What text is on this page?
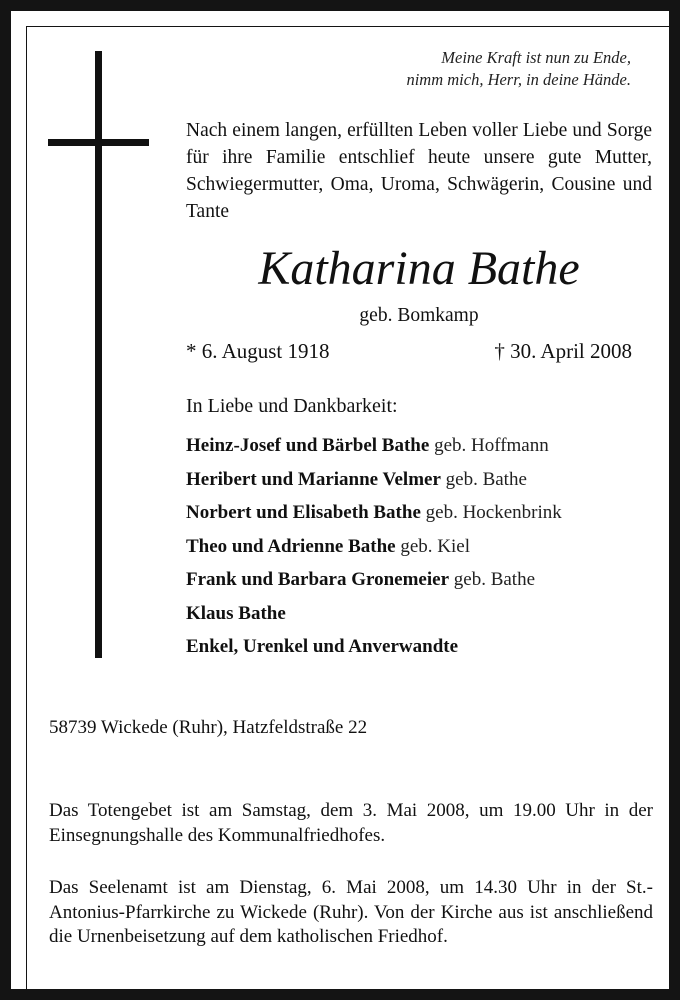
Meine Kraft ist nun zu Ende,
nimm mich, Herr, in deine Hände.
Nach einem langen, erfüllten Leben voller Liebe und Sorge für ihre Familie entschlief heute unsere gute Mutter, Schwiegermutter, Oma, Uroma, Schwägerin, Cousine und Tante
Katharina Bathe
geb. Bomkamp
* 6. August 1918	† 30. April 2008
In Liebe und Dankbarkeit:
Heinz-Josef und Bärbel Bathe geb. Hoffmann
Heribert und Marianne Velmer geb. Bathe
Norbert und Elisabeth Bathe geb. Hockenbrink
Theo und Adrienne Bathe geb. Kiel
Frank und Barbara Gronemeier geb. Bathe
Klaus Bathe
Enkel, Urenkel und Anverwandte
58739 Wickede (Ruhr), Hatzfeldstraße 22
Das Totengebet ist am Samstag, dem 3. Mai 2008, um 19.00 Uhr in der Einsegnungshalle des Kommunalfriedhofes.
Das Seelenamt ist am Dienstag, 6. Mai 2008, um 14.30 Uhr in der St.-Antonius-Pfarrkirche zu Wickede (Ruhr). Von der Kirche aus ist anschließend die Urnenbeisetzung auf dem katholischen Friedhof.
